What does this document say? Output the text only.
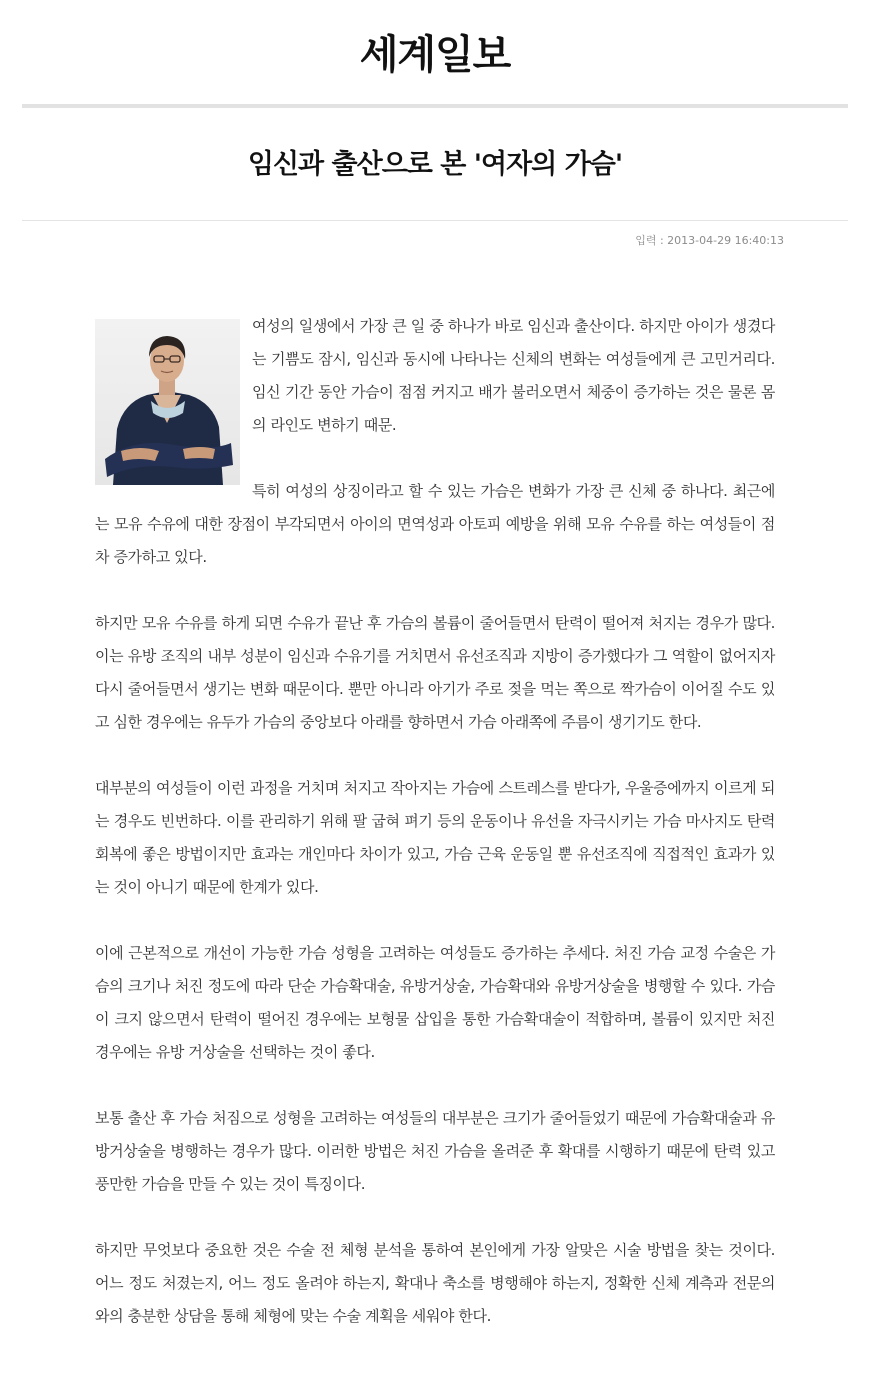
세계일보
임신과 출산으로 본 '여자의 가슴'
입력 : 2013-04-29 16:40:13

여성의 일생에서 가장 큰 일 중 하나가 바로 임신과 출산이다. 하지만 아이가 생겼다는 기쁨도 잠시, 임신과 동시에 나타나는 신체의 변화는 여성들에게 큰 고민거리다. 임신 기간 동안 가슴이 점점 커지고 배가 불러오면서 체중이 증가하는 것은 물론 몸의 라인도 변하기 때문.

특히 여성의 상징이라고 할 수 있는 가슴은 변화가 가장 큰 신체 중 하나다. 최근에는 모유 수유에 대한 장점이 부각되면서 아이의 면역성과 아토피 예방을 위해 모유 수유를 하는 여성들이 점차 증가하고 있다.

하지만 모유 수유를 하게 되면 수유가 끝난 후 가슴의 볼륨이 줄어들면서 탄력이 떨어져 처지는 경우가 많다. 이는 유방 조직의 내부 성분이 임신과 수유기를 거치면서 유선조직과 지방이 증가했다가 그 역할이 없어지자 다시 줄어들면서 생기는 변화 때문이다. 뿐만 아니라 아기가 주로 젖을 먹는 쪽으로 짝가슴이 이어질 수도 있고 심한 경우에는 유두가 가슴의 중앙보다 아래를 향하면서 가슴 아래쪽에 주름이 생기기도 한다.

대부분의 여성들이 이런 과정을 거치며 처지고 작아지는 가슴에 스트레스를 받다가, 우울증에까지 이르게 되는 경우도 빈번하다. 이를 관리하기 위해 팔 굽혀 펴기 등의 운동이나 유선을 자극시키는 가슴 마사지도 탄력 회복에 좋은 방법이지만 효과는 개인마다 차이가 있고, 가슴 근육 운동일 뿐 유선조직에 직접적인 효과가 있는 것이 아니기 때문에 한계가 있다.

이에 근본적으로 개선이 가능한 가슴 성형을 고려하는 여성들도 증가하는 추세다. 처진 가슴 교정 수술은 가슴의 크기나 처진 정도에 따라 단순 가슴확대술, 유방거상술, 가슴확대와 유방거상술을 병행할 수 있다. 가슴이 크지 않으면서 탄력이 떨어진 경우에는 보형물 삽입을 통한 가슴확대술이 적합하며, 볼륨이 있지만 처진 경우에는 유방 거상술을 선택하는 것이 좋다.

보통 출산 후 가슴 처짐으로 성형을 고려하는 여성들의 대부분은 크기가 줄어들었기 때문에 가슴확대술과 유방거상술을 병행하는 경우가 많다. 이러한 방법은 처진 가슴을 올려준 후 확대를 시행하기 때문에 탄력 있고 풍만한 가슴을 만들 수 있는 것이 특징이다.

하지만 무엇보다 중요한 것은 수술 전 체형 분석을 통하여 본인에게 가장 알맞은 시술 방법을 찾는 것이다. 어느 정도 처졌는지, 어느 정도 올려야 하는지, 확대나 축소를 병행해야 하는지, 정확한 신체 계측과 전문의와의 충분한 상담을 통해 체형에 맞는 수술 계획을 세워야 한다.
